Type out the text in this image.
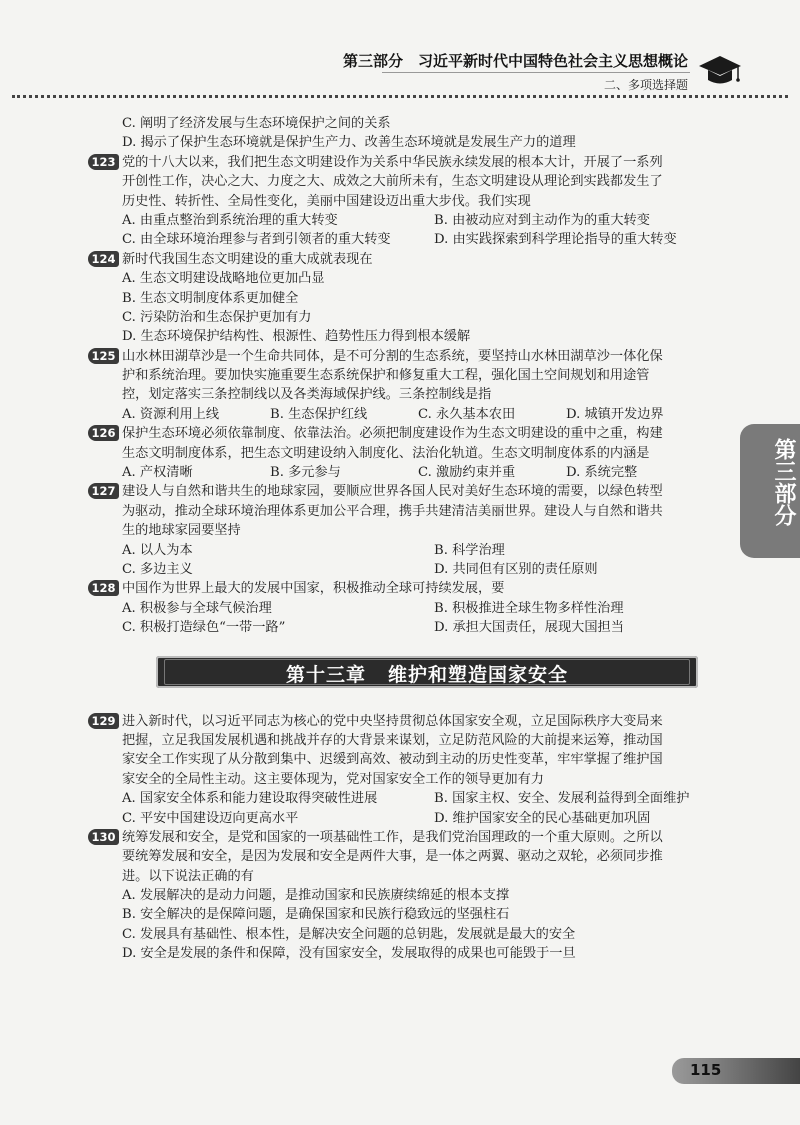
第三部分　习近平新时代中国特色社会主义思想概论
二、多项选择题
C. 阐明了经济发展与生态环境保护之间的关系
D. 揭示了保护生态环境就是保护生产力、改善生态环境就是发展生产力的道理
123 党的十八大以来，我们把生态文明建设作为关系中华民族永续发展的根本大计，开展了一系列
开创性工作，决心之大、力度之大、成效之大前所未有，生态文明建设从理论到实践都发生了
历史性、转折性、全局性变化，美丽中国建设迈出重大步伐。我们实现
A. 由重点整治到系统治理的重大转变	B. 由被动应对到主动作为的重大转变
C. 由全球环境治理参与者到引领者的重大转变	D. 由实践探索到科学理论指导的重大转变
124 新时代我国生态文明建设的重大成就表现在
A. 生态文明建设战略地位更加凸显
B. 生态文明制度体系更加健全
C. 污染防治和生态保护更加有力
D. 生态环境保护结构性、根源性、趋势性压力得到根本缓解
125 山水林田湖草沙是一个生命共同体，是不可分割的生态系统，要坚持山水林田湖草沙一体化保
护和系统治理。要加快实施重要生态系统保护和修复重大工程，强化国土空间规划和用途管
控，划定落实三条控制线以及各类海域保护线。三条控制线是指
A. 资源利用上线	B. 生态保护红线	C. 永久基本农田	D. 城镇开发边界
126 保护生态环境必须依靠制度、依靠法治。必须把制度建设作为生态文明建设的重中之重，构建
生态文明制度体系，把生态文明建设纳入制度化、法治化轨道。生态文明制度体系的内涵是
A. 产权清晰	B. 多元参与	C. 激励约束并重	D. 系统完整
127 建设人与自然和谐共生的地球家园，要顺应世界各国人民对美好生态环境的需要，以绿色转型
为驱动，推动全球环境治理体系更加公平合理，携手共建清洁美丽世界。建设人与自然和谐共
生的地球家园要坚持
A. 以人为本	B. 科学治理
C. 多边主义	D. 共同但有区别的责任原则
128 中国作为世界上最大的发展中国家，积极推动全球可持续发展，要
A. 积极参与全球气候治理	B. 积极推进全球生物多样性治理
C. 积极打造绿色“一带一路”	D. 承担大国责任，展现大国担当
第十三章 维护和塑造国家安全
129 进入新时代，以习近平同志为核心的党中央坚持贯彻总体国家安全观，立足国际秩序大变局来
把握，立足我国发展机遇和挑战并存的大背景来谋划，立足防范风险的大前提来运筹，推动国
家安全工作实现了从分散到集中、迟缓到高效、被动到主动的历史性变革，牢牢掌握了维护国
家安全的全局性主动。这主要体现为，党对国家安全工作的领导更加有力
A. 国家安全体系和能力建设取得突破性进展	B. 国家主权、安全、发展利益得到全面维护
C. 平安中国建设迈向更高水平	D. 维护国家安全的民心基础更加巩固
130 统筹发展和安全，是党和国家的一项基础性工作，是我们党治国理政的一个重大原则。之所以
要统筹发展和安全，是因为发展和安全是两件大事，是一体之两翼、驱动之双轮，必须同步推
进。以下说法正确的有
A. 发展解决的是动力问题，是推动国家和民族赓续绵延的根本支撑
B. 安全解决的是保障问题，是确保国家和民族行稳致远的坚强柱石
C. 发展具有基础性、根本性，是解决安全问题的总钥匙，发展就是最大的安全
D. 安全是发展的条件和保障，没有国家安全，发展取得的成果也可能毁于一旦
第三部分
115
